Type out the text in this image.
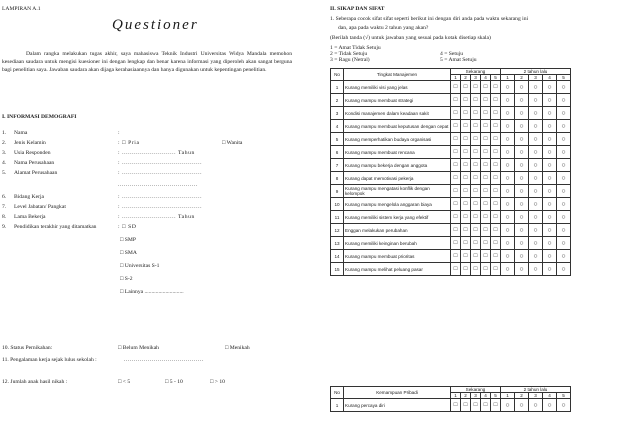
LAMPIRAN A.1
Questioner
Dalam rangka melakukan tugas akhir, saya mahasiswa Teknik Industri Universitas Widya Mandala memohon kesediaan saudara untuk mengisi kuesioner ini dengan lengkap dan benar karena informasi yang diperoleh akan sangat berguna bagi penelitian saya. Jawaban saudara akan dijaga kerahasiaannya dan hanya digunakan untuk kepentingan penelitian.
I. INFORMASI DEMOGRAFI
1. Nama	:
2. Jenis Kelamin	: □ Pria	□ Wanita
3. Usia Responden	: ........................... Tahun
4. Nama Perusahaan	: ........................................
5. Alamat Perusahaan	: ........................................
........................................
6. Bidang Kerja	: ........................................
7. Level Jabatan/ Pangkat	: ........................................
8. Lama Bekerja	: ........................... Tahun
9. Pendidikan terakhir yang ditamatkan	: □ SD
□ SMP
□ SMA
□ Universitas S-1
□ S-2
□ Lainnya ............................
10. Status Pernikahan:	□ Belum Menikah	□ Menikah
11. Pengalaman kerja sejak lulus sekolah :	........................................
12. Jumlah anak hasil nikah :	□ < 5	□ 5 - 10	□ > 10
II. SIKAP DAN SIFAT
1. Seberapa cocok sifat sifat seperti berikut ini dengan diri anda pada waktu sekarang ini
dan, apa pada waktu 2 tahun yang akan?
(Berilah tanda (√) untuk jawaban yang sesuai pada kotak disetiap skala)
1 = Amat Tidak Setuju
2 = Tidak Setuju
3 = Ragu (Netral)
4 = Setuju
5 = Amat Setuju
No	Tingkat Manajemen	Sekarang					2 tahun lalu				
		1	2	3	4	5	1	2	3	4	5
1	Kurang memiliki visi yang jelas	□	□	□	□	□	○	○	○	○	○
2	Kurang mampu membuat strategi	□	□	□	□	□	○	○	○	○	○
3	Kondisi manajemen dalam keadaan sakit	□	□	□	□	□	○	○	○	○	○
4	Kurang mampu membuat keputusan dengan cepat	□	□	□	□	□	○	○	○	○	○
5	Kurang memperhatikan budaya organisasi	□	□	□	□	□	○	○	○	○	○
6	Kurang mampu membuat rencana	□	□	□	□	□	○	○	○	○	○
7	Kurang mampu bekerja dengan anggota	□	□	□	□	□	○	○	○	○	○
8	Kurang dapat memotivasi pekerja	□	□	□	□	□	○	○	○	○	○
9	Kurang mampu mengatasi konflik dengan kelompok	□	□	□	□	□	○	○	○	○	○
10	Kurang mampu mengelola anggaran biaya	□	□	□	□	□	○	○	○	○	○
11	Kurang memiliki sistem kerja yang efektif	□	□	□	□	□	○	○	○	○	○
12	Enggan melakukan perubahan	□	□	□	□	□	○	○	○	○	○
13	Kurang memiliki keinginan berubah	□	□	□	□	□	○	○	○	○	○
14	Kurang mampu membuat prioritas	□	□	□	□	□	○	○	○	○	○
15	Kurang mampu melihat peluang pasar	□	□	□	□	□	○	○	○	○	○
No	Kemampuan Pribadi	Sekarang					2 tahun lalu				
		1	2	3	4	5	1	2	3	4	5
1	Kurang percaya diri	□	□	□	□	□	○	○	○	○	○
